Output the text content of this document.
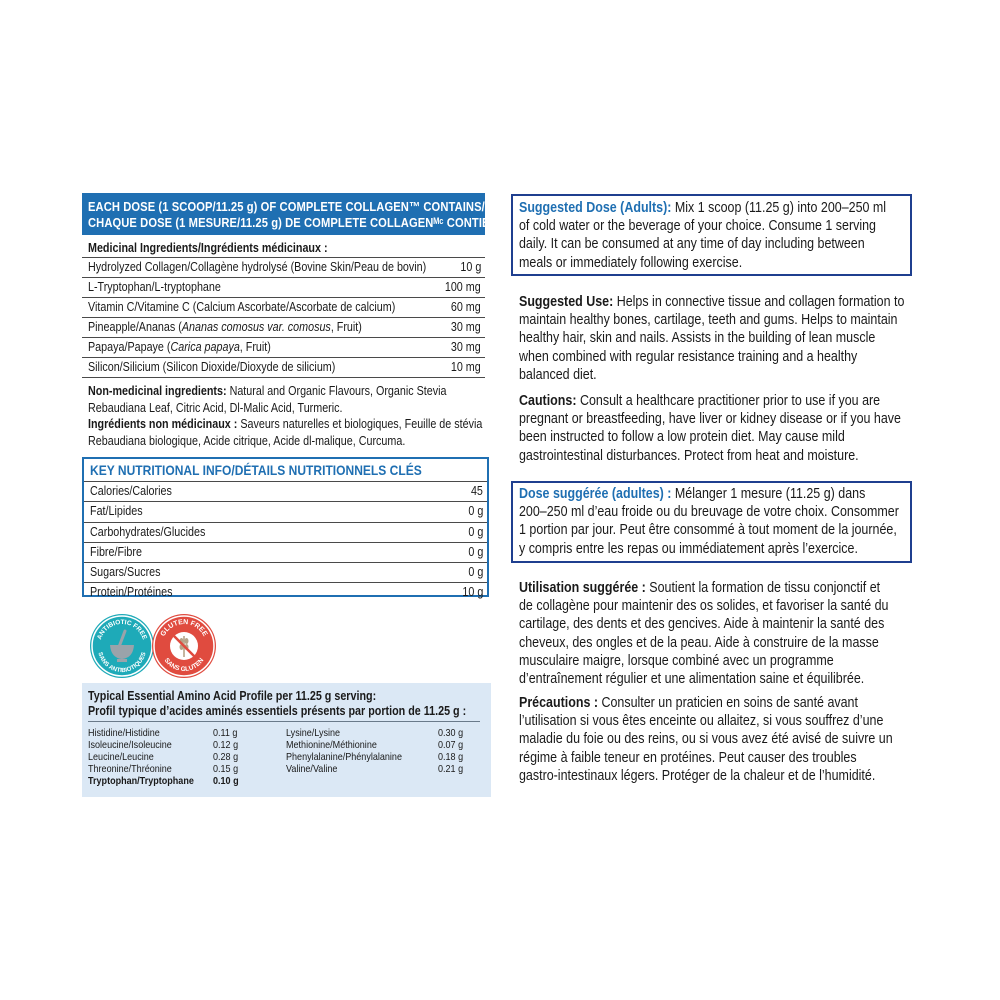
EACH DOSE (1 SCOOP/11.25 g) OF COMPLETE COLLAGEN™ CONTAINS/
CHAQUE DOSE (1 MESURE/11.25 g) DE COMPLETE COLLAGENᴹᶜ CONTIENT :
Medicinal Ingredients/Ingrédients médicinaux :
Hydrolyzed Collagen/Collagène hydrolysé (Bovine Skin/Peau de bovin)	10 g
L-Tryptophan/L-tryptophane	100 mg
Vitamin C/Vitamine C (Calcium Ascorbate/Ascorbate de calcium)	60 mg
Pineapple/Ananas (Ananas comosus var. comosus, Fruit)	30 mg
Papaya/Papaye (Carica papaya, Fruit)	30 mg
Silicon/Silicium (Silicon Dioxide/Dioxyde de silicium)	10 mg
Non-medicinal ingredients: Natural and Organic Flavours, Organic Stevia
Rebaudiana Leaf, Citric Acid, Dl-Malic Acid, Turmeric.
Ingrédients non médicinaux : Saveurs naturelles et biologiques, Feuille de stévia
Rebaudiana biologique, Acide citrique, Acide dl-malique, Curcuma.
KEY NUTRITIONAL INFO/DÉTAILS NUTRITIONNELS CLÉS
Calories/Calories	45
Fat/Lipides	0 g
Carbohydrates/Glucides	0 g
Fibre/Fibre	0 g
Sugars/Sucres	0 g
Protein/Protéines	10 g
ANTIBIOTIC FREE
SANS ANTIBIOTIQUES
GLUTEN FREE
SANS GLUTEN
Typical Essential Amino Acid Profile per 11.25 g serving:
Profil typique d’acides aminés essentiels présents par portion de 11.25 g :
Histidine/Histidine	0.11 g
Isoleucine/Isoleucine	0.12 g
Leucine/Leucine	0.28 g
Threonine/Thréonine	0.15 g
Tryptophan/Tryptophane 0.10 g
Lysine/Lysine	0.30 g
Methionine/Méthionine	0.07 g
Phenylalanine/Phénylalanine	0.18 g
Valine/Valine	0.21 g
Suggested Dose (Adults): Mix 1 scoop (11.25 g) into 200–250 ml
of cold water or the beverage of your choice. Consume 1 serving
daily. It can be consumed at any time of day including between
meals or immediately following exercise.
Suggested Use: Helps in connective tissue and collagen formation to
maintain healthy bones, cartilage, teeth and gums. Helps to maintain
healthy hair, skin and nails. Assists in the building of lean muscle
when combined with regular resistance training and a healthy
balanced diet.
Cautions: Consult a healthcare practitioner prior to use if you are
pregnant or breastfeeding, have liver or kidney disease or if you have
been instructed to follow a low protein diet. May cause mild
gastrointestinal disturbances. Protect from heat and moisture.
Dose suggérée (adultes) : Mélanger 1 mesure (11.25 g) dans
200–250 ml d’eau froide ou du breuvage de votre choix. Consommer
1 portion par jour. Peut être consommé à tout moment de la journée,
y compris entre les repas ou immédiatement après l’exercice.
Utilisation suggérée : Soutient la formation de tissu conjonctif et
de collagène pour maintenir des os solides, et favoriser la santé du
cartilage, des dents et des gencives. Aide à maintenir la santé des
cheveux, des ongles et de la peau. Aide à construire de la masse
musculaire maigre, lorsque combiné avec un programme
d’entraînement régulier et une alimentation saine et équilibrée.
Précautions : Consulter un praticien en soins de santé avant
l’utilisation si vous êtes enceinte ou allaitez, si vous souffrez d’une
maladie du foie ou des reins, ou si vous avez été avisé de suivre un
régime à faible teneur en protéines. Peut causer des troubles
gastro-intestinaux légers. Protéger de la chaleur et de l’humidité.
